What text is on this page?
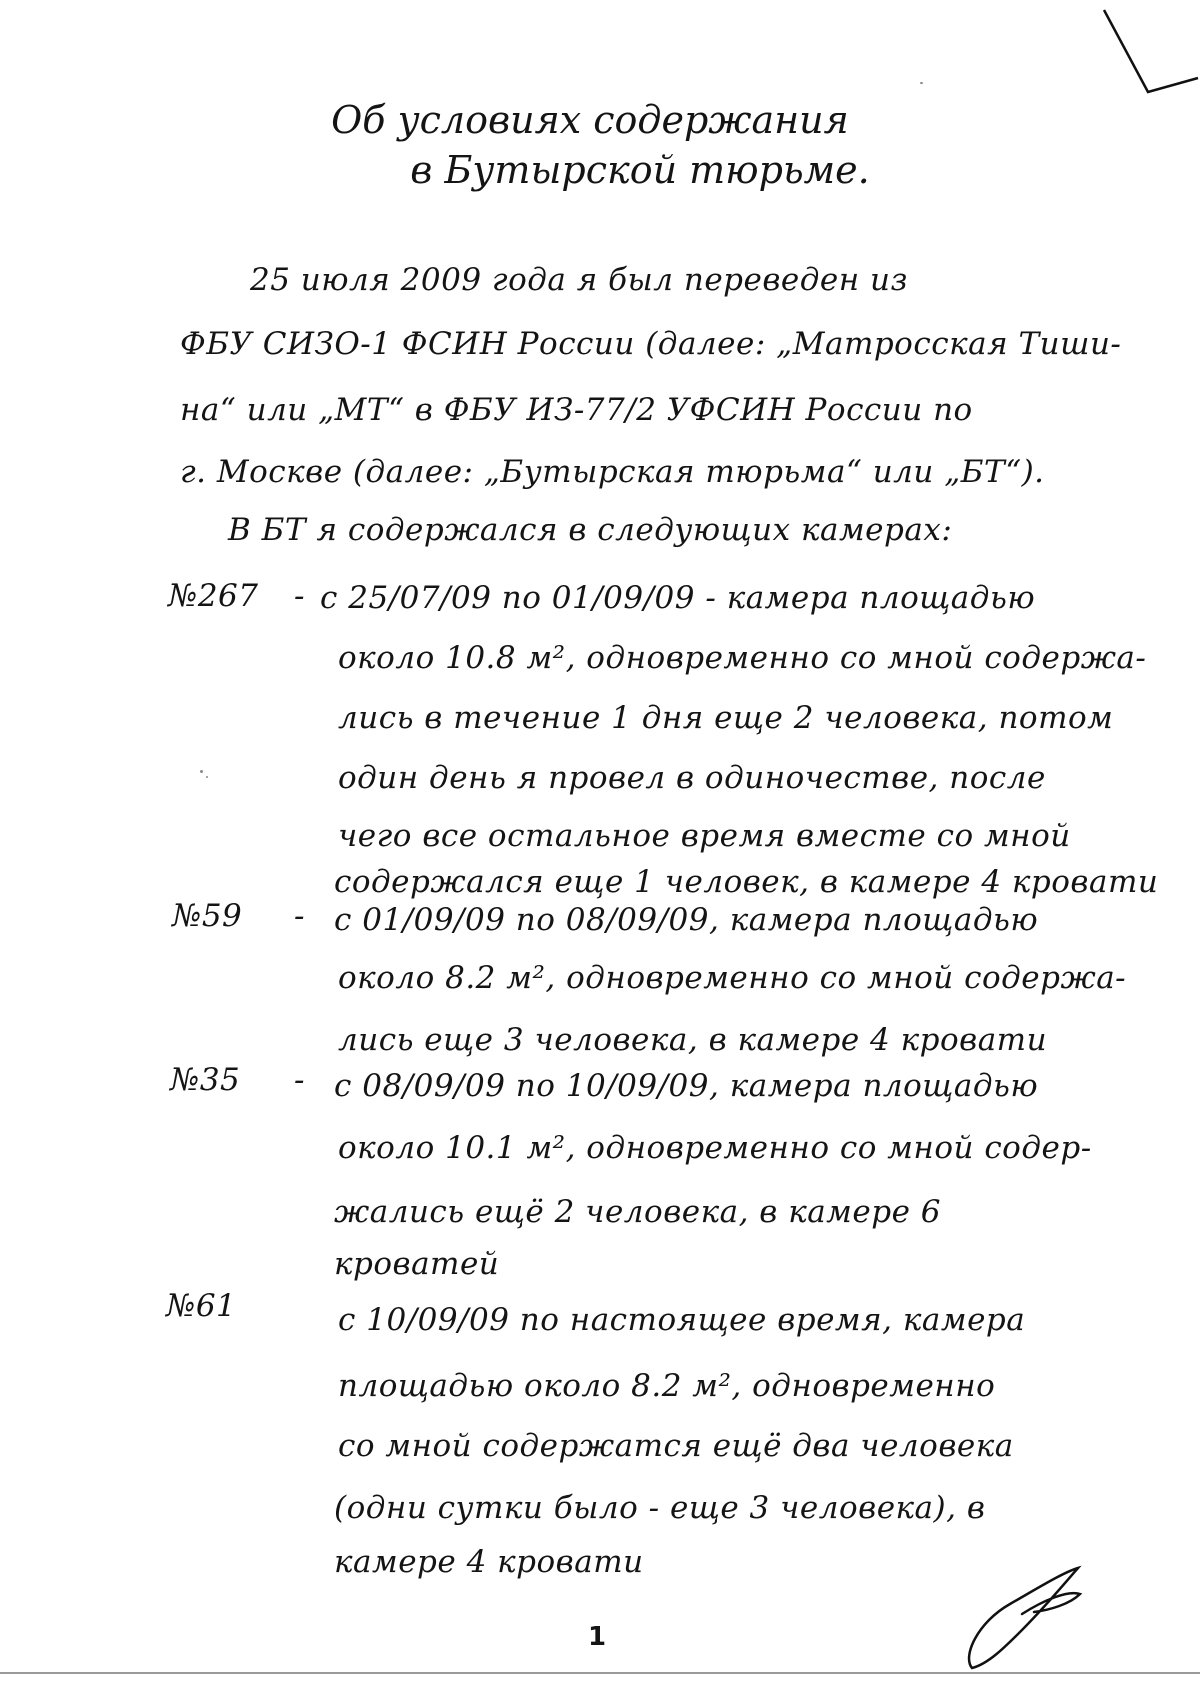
Об условиях содержания
в Бутырской тюрьме.
25 июля 2009 года я был переведен из
ФБУ СИЗО-1 ФСИН России (далее: „Матросская Тиши-
на“ или „МТ“ в ФБУ ИЗ-77/2 УФСИН России по
г. Москве (далее: „Бутырская тюрьма“ или „БТ“).
В БТ я содержался в следующих камерах:
№267 - с 25/07/09 по 01/09/09 - камера площадью
около 10.8 м², одновременно со мной содержа-
лись в течение 1 дня еще 2 человека, потом
один день я провел в одиночестве, после
чего все остальное время вместе со мной
содержался еще 1 человек, в камере 4 кровати
№59 - с 01/09/09 по 08/09/09, камера площадью
около 8.2 м², одновременно со мной содержа-
лись еще 3 человека, в камере 4 кровати
№35 - с 08/09/09 по 10/09/09, камера площадью
около 10.1 м², одновременно со мной содер-
жались ещё 2 человека, в камере 6
кроватей
№61	с 10/09/09 по настоящее время, камера
площадью около 8.2 м², одновременно
со мной содержатся ещё два человека
(одни сутки было - еще 3 человека), в
камере 4 кровати
1
